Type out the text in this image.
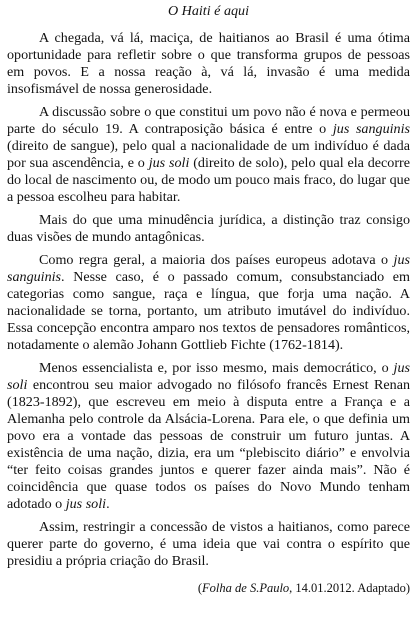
O Haiti é aqui

A chegada, vá lá, maciça, de haitianos ao Brasil é uma ótima oportunidade para refletir sobre o que transforma grupos de pessoas em povos. E a nossa reação à, vá lá, invasão é uma medida insofismável de nossa generosidade.

A discussão sobre o que constitui um povo não é nova e permeou parte do século 19. A contraposição básica é entre o jus sanguinis (direito de sangue), pelo qual a nacionalidade de um indivíduo é dada por sua ascendência, e o jus soli (direito de solo), pelo qual ela decorre do local de nascimento ou, de modo um pouco mais fraco, do lugar que a pessoa escolheu para habitar.

Mais do que uma minudência jurídica, a distinção traz consigo duas visões de mundo antagônicas.

Como regra geral, a maioria dos países europeus adotava o jus sanguinis. Nesse caso, é o passado comum, consubstanciado em categorias como sangue, raça e língua, que forja uma nação. A nacionalidade se torna, portanto, um atributo imutável do indivíduo. Essa concepção encontra amparo nos textos de pensadores românticos, notadamente o alemão Johann Gottlieb Fichte (1762-1814).

Menos essencialista e, por isso mesmo, mais democrático, o jus soli encontrou seu maior advogado no filósofo francês Ernest Renan (1823-1892), que escreveu em meio à disputa entre a França e a Alemanha pelo controle da Alsácia-Lorena. Para ele, o que definia um povo era a vontade das pessoas de construir um futuro juntas. A existência de uma nação, dizia, era um “plebiscito diário” e envolvia “ter feito coisas grandes juntos e querer fazer ainda mais”. Não é coincidência que quase todos os países do Novo Mundo tenham adotado o jus soli.

Assim, restringir a concessão de vistos a haitianos, como parece querer parte do governo, é uma ideia que vai contra o espírito que presidiu a própria criação do Brasil.

(Folha de S.Paulo, 14.01.2012. Adaptado)
